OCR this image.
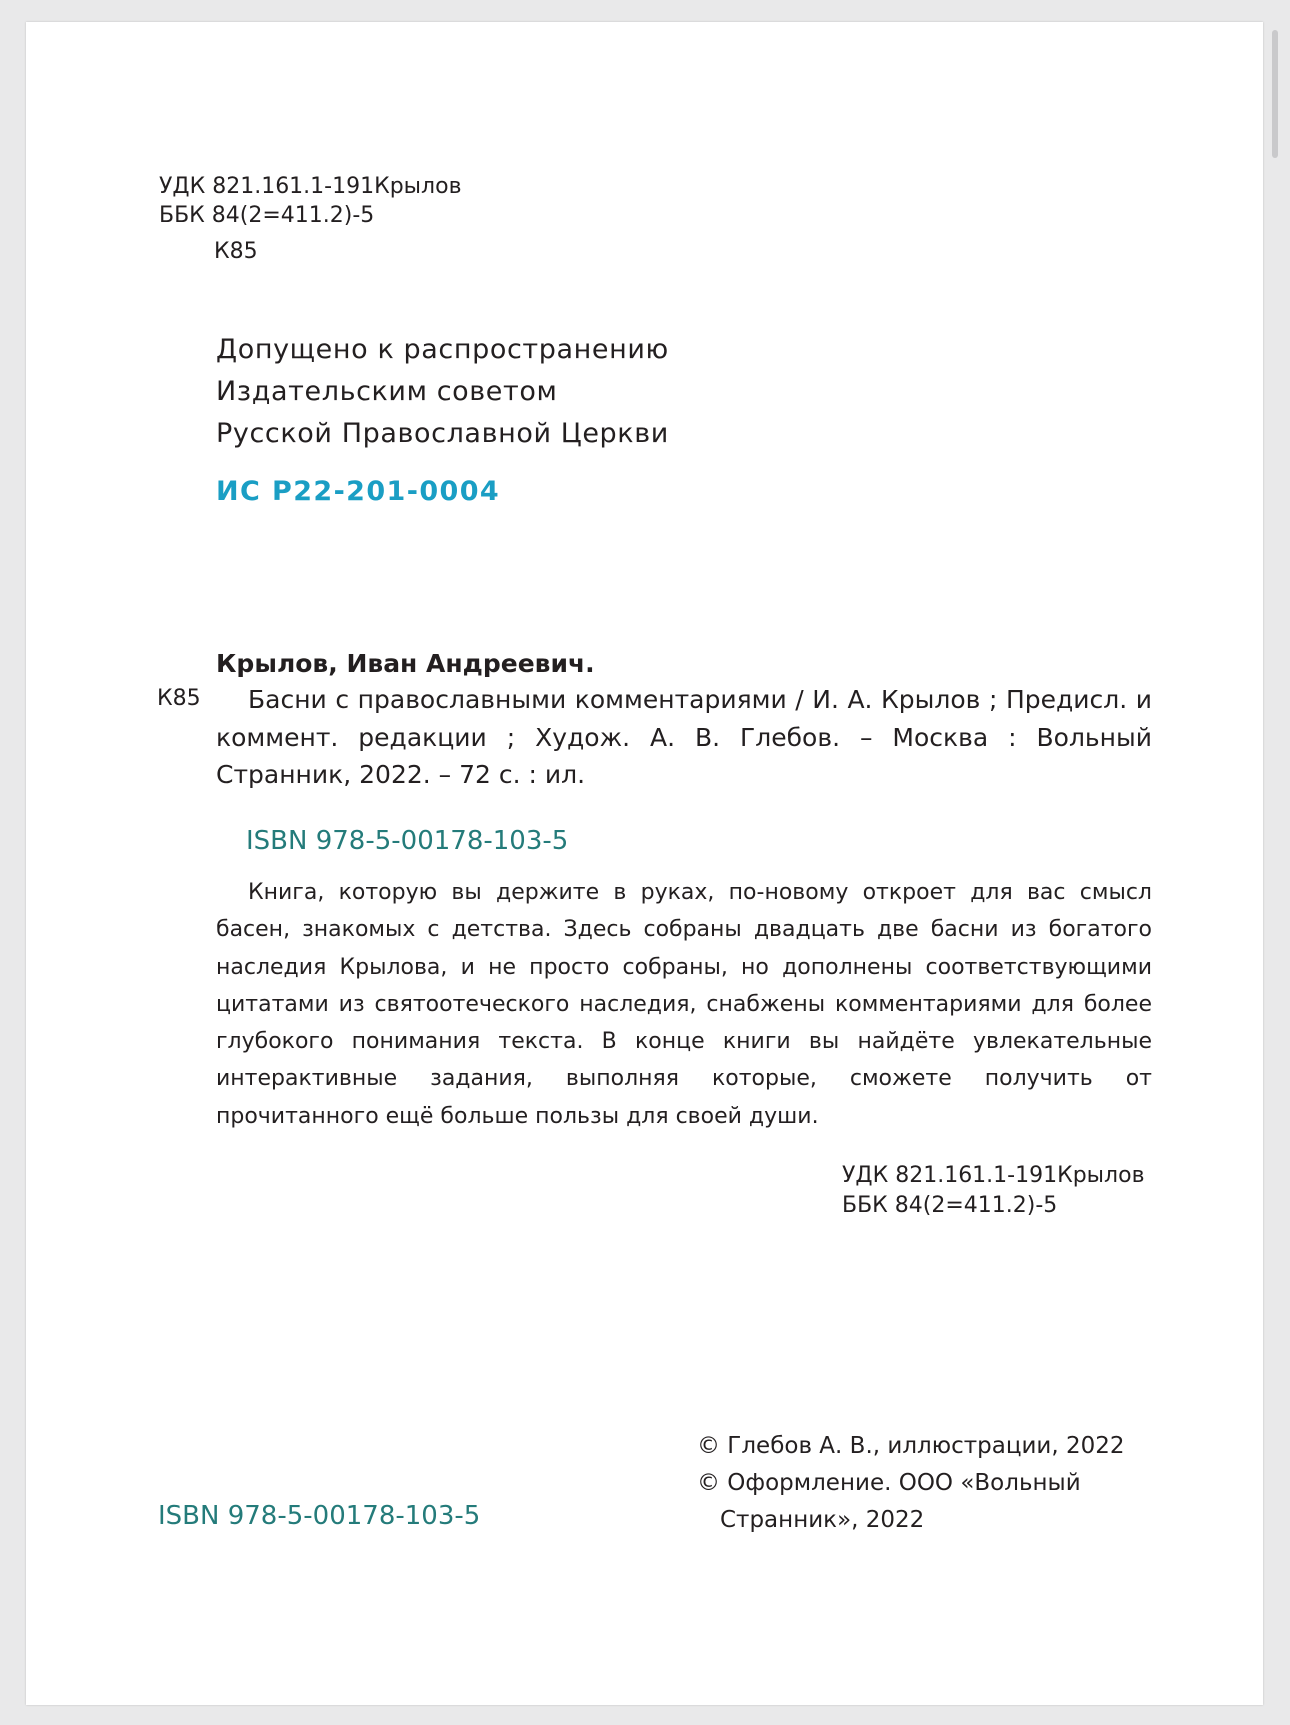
УДК 821.161.1-191Крылов
ББК 84(2=411.2)-5
К85
Допущено к распространению
Издательским советом
Русской Православной Церкви
ИС Р22-201-0004
Крылов, Иван Андреевич.
К85	Басни с православными комментариями / И. А. Крылов ; Предисл. и коммент. редакции ; Худож. А. В. Глебов. – Москва : Вольный Странник, 2022. – 72 с. : ил.
ISBN 978-5-00178-103-5
Книга, которую вы держите в руках, по-новому откроет для вас смысл басен, знакомых с детства. Здесь собраны двадцать две басни из богатого наследия Крылова, и не просто собраны, но дополнены соответствующими цитатами из святоотеческого наследия, снабжены комментариями для более глубокого понимания текста. В конце книги вы найдёте увлекательные интерактивные задания, выполняя которые, сможете получить от прочитанного ещё больше пользы для своей души.
УДК 821.161.1-191Крылов
ББК 84(2=411.2)-5
© Глебов А. В., иллюстрации, 2022
© Оформление. ООО «Вольный
Странник», 2022
ISBN 978-5-00178-103-5
